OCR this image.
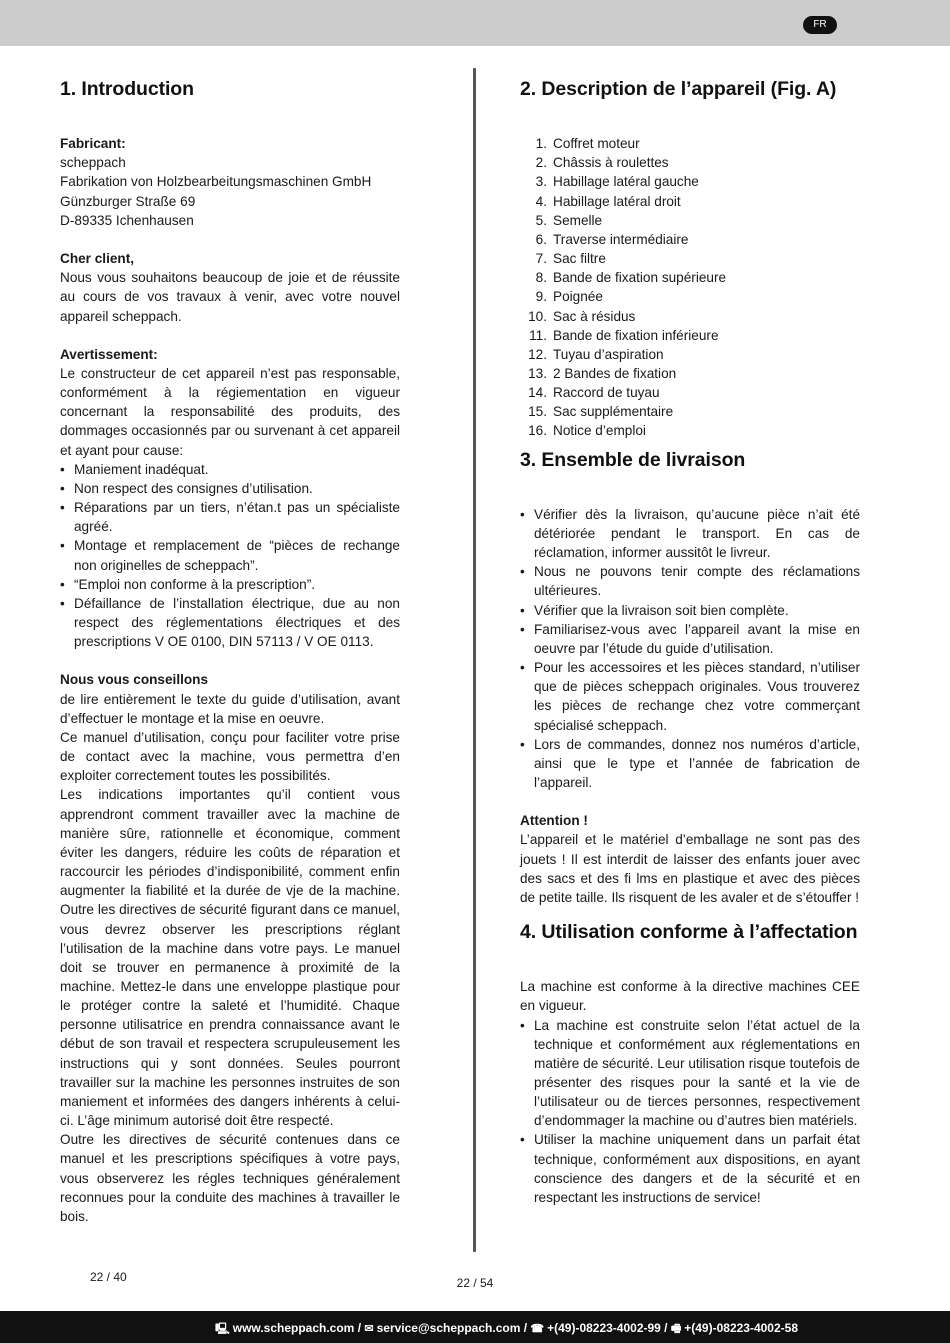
FR
1. Introduction
Fabricant:
scheppach
Fabrikation von Holzbearbeitungsmaschinen GmbH
Günzburger Straße 69
D-89335 Ichenhausen
Cher client,

Nous vous souhaitons beaucoup de joie et de réussite au cours de vos travaux à venir, avec votre nouvel appareil scheppach.

Avertissement:

Le constructeur de cet appareil n’est pas responsable, conformément à la régiementation en vigueur concernant la responsabilité des produits, des dommages occasionnés par ou survenant à cet appareil et ayant pour cause:

• Maniement inadéquat.
• Non respect des consignes d’utilisation.
• Réparations par un tiers, n’étan.t pas un spécialiste agréé.
• Montage et remplacement de “pièces de rechange non originelles de scheppach”.
• “Emploi non conforme à la prescription”.
• Défaillance de l’installation électrique, due au non respect des réglementations électriques et des prescriptions V OE 0100, DIN 57113 / V OE 0113.
Nous vous conseillons

de lire entièrement le texte du guide d’utilisation, avant d’effectuer le montage et la mise en oeuvre.

Ce manuel d’utilisation, conçu pour faciliter votre prise de contact avec la machine, vous permettra d’en exploiter correctement toutes les possibilités.

Les indications importantes qu’il contient vous apprendront comment travailler avec la machine de manière sûre, rationnelle et économique, comment éviter les dangers, réduire les coûts de réparation et raccourcir les périodes d’indisponibilité, comment enfin augmenter la fiabilité et la durée de vje de la machine. Outre les directives de sécurité figurant dans ce manuel, vous devrez observer les prescriptions réglant l’utilisation de la machine dans votre pays. Le manuel doit se trouver en permanence à proximité de la machine. Mettez-le dans une enveloppe plastique pour le protéger contre la saleté et l’humidité. Chaque personne utilisatrice en prendra connaissance avant le début de son travail et respectera scrupuleusement les instructions qui y sont données. Seules pourront travailler sur la machine les personnes instruites de son maniement et informées des dangers inhérents à celui-ci. L’âge minimum autorisé doit être respecté.

Outre les directives de sécurité contenues dans ce manuel et les prescriptions spécifiques à votre pays, vous observerez les régles techniques généralement reconnues pour la conduite des machines à travailler le bois.

2. Description de l’appareil (Fig. A)
1. Coffret moteur
2. Châssis à roulettes
3. Habillage latéral gauche
4. Habillage latéral droit
5. Semelle
6. Traverse intermédiaire
7. Sac filtre
8. Bande de fixation supérieure
9. Poignée
10. Sac à résidus
11. Bande de fixation inférieure
12. Tuyau d’aspiration
13. 2 Bandes de fixation
14. Raccord de tuyau
15. Sac supplémentaire
16. Notice d’emploi
3. Ensemble de livraison
• Vérifier dès la livraison, qu’aucune pièce n’ait été détériorée pendant le transport. En cas de réclamation, informer aussitôt le livreur.
• Nous ne pouvons tenir compte des réclamations ultérieures.
• Vérifier que la livraison soit bien complète.
• Familiarisez-vous avec l’appareil avant la mise en oeuvre par l’étude du guide d’utilisation.
• Pour les accessoires et les pièces standard, n’utiliser que de pièces scheppach originales. Vous trouverez les pièces de rechange chez votre commerçant spécialisé scheppach.
• Lors de commandes, donnez nos numéros d’article, ainsi que le type et l’année de fabrication de l’appareil.
Attention !

L’appareil et le matériel d’emballage ne sont pas des jouets ! Il est interdit de laisser des enfants jouer avec des sacs et des fi lms en plastique et avec des pièces de petite taille. Ils risquent de les avaler et de s’étouffer !

4. Utilisation conforme à l’affectation

La machine est conforme à la directive machines CEE en vigueur.

• La machine est construite selon l’état actuel de la technique et conformément aux réglementations en matière de sécurité. Leur utilisation risque toutefois de présenter des risques pour la santé et la vie de l’utilisateur ou de tierces personnes, respectivement d’endommager la machine ou d’autres bien matériels.
• Utiliser la machine uniquement dans un parfait état technique, conformément aux dispositions, en ayant conscience des dangers et de la sécurité et en respectant les instructions de service!
22 / 40	22 / 54
🖳 www.scheppach.com / ✉ service@scheppach.com / ☎ +(49)-08223-4002-99 / 🖷 +(49)-08223-4002-58
